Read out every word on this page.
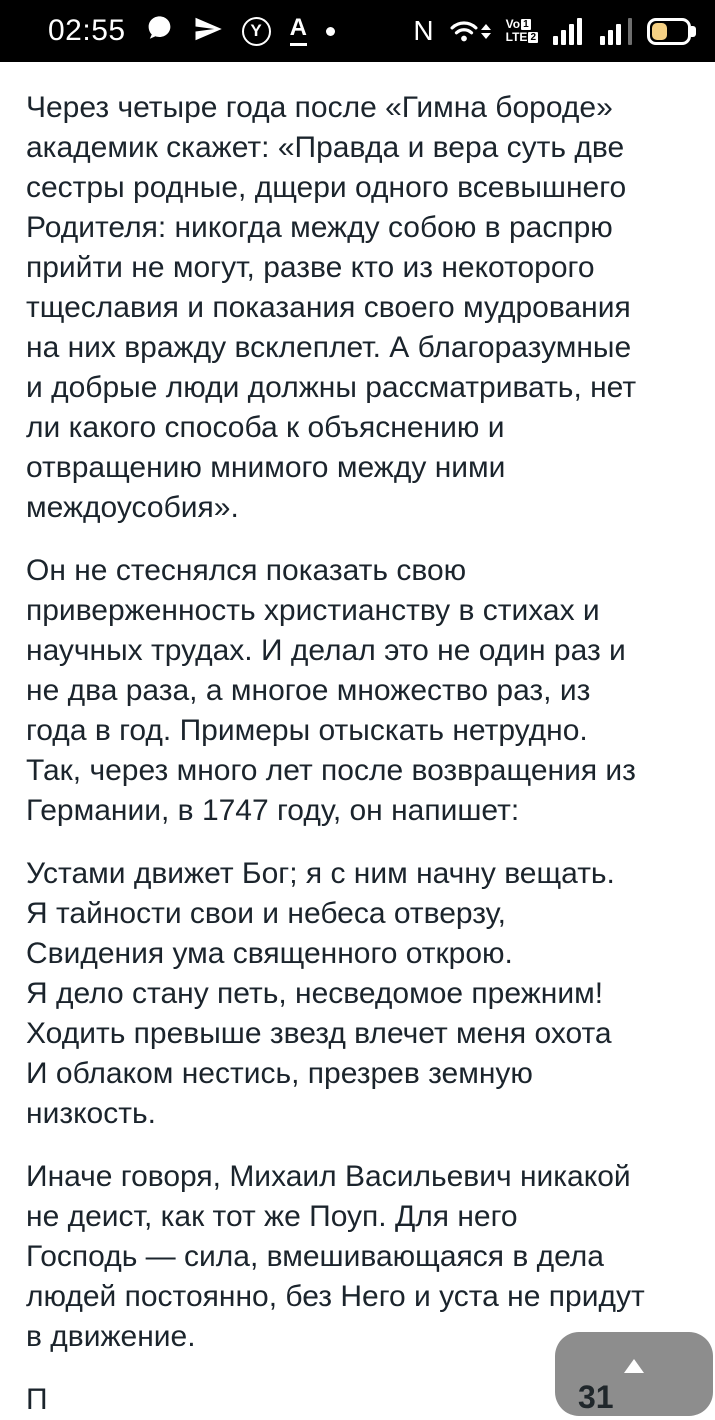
02:55	Y A	N	Vo 1
LTE 2

Через четыре года после «Гимна бороде»
академик скажет: «Правда и вера суть две
сестры родные, дщери одного всевышнего
Родителя: никогда между собою в распрю
прийти не могут, разве кто из некоторого
тщеславия и показания своего мудрования
на них вражду всклеплет. А благоразумные
и добрые люди должны рассматривать, нет
ли какого способа к объяснению и
отвращению мнимого между ними
междоусобия».

Он не стеснялся показать свою
приверженность христианству в стихах и
научных трудах. И делал это не один раз и
не два раза, а многое множество раз, из
года в год. Примеры отыскать нетрудно.
Так, через много лет после возвращения из
Германии, в 1747 году, он напишет:

Устами движет Бог; я с ним начну вещать.
Я тайности свои и небеса отверзу,
Свидения ума священного открою.
Я дело стану петь, несведомое прежним!
Ходить превыше звезд влечет меня охота
И облаком нестись, презрев земную
низкость.

Иначе говоря, Михаил Васильевич никакой
не деист, как тот же Поуп. Для него
Господь — сила, вмешивающаяся в дела
людей постоянно, без Него и уста не придут
в движение.

П	31
